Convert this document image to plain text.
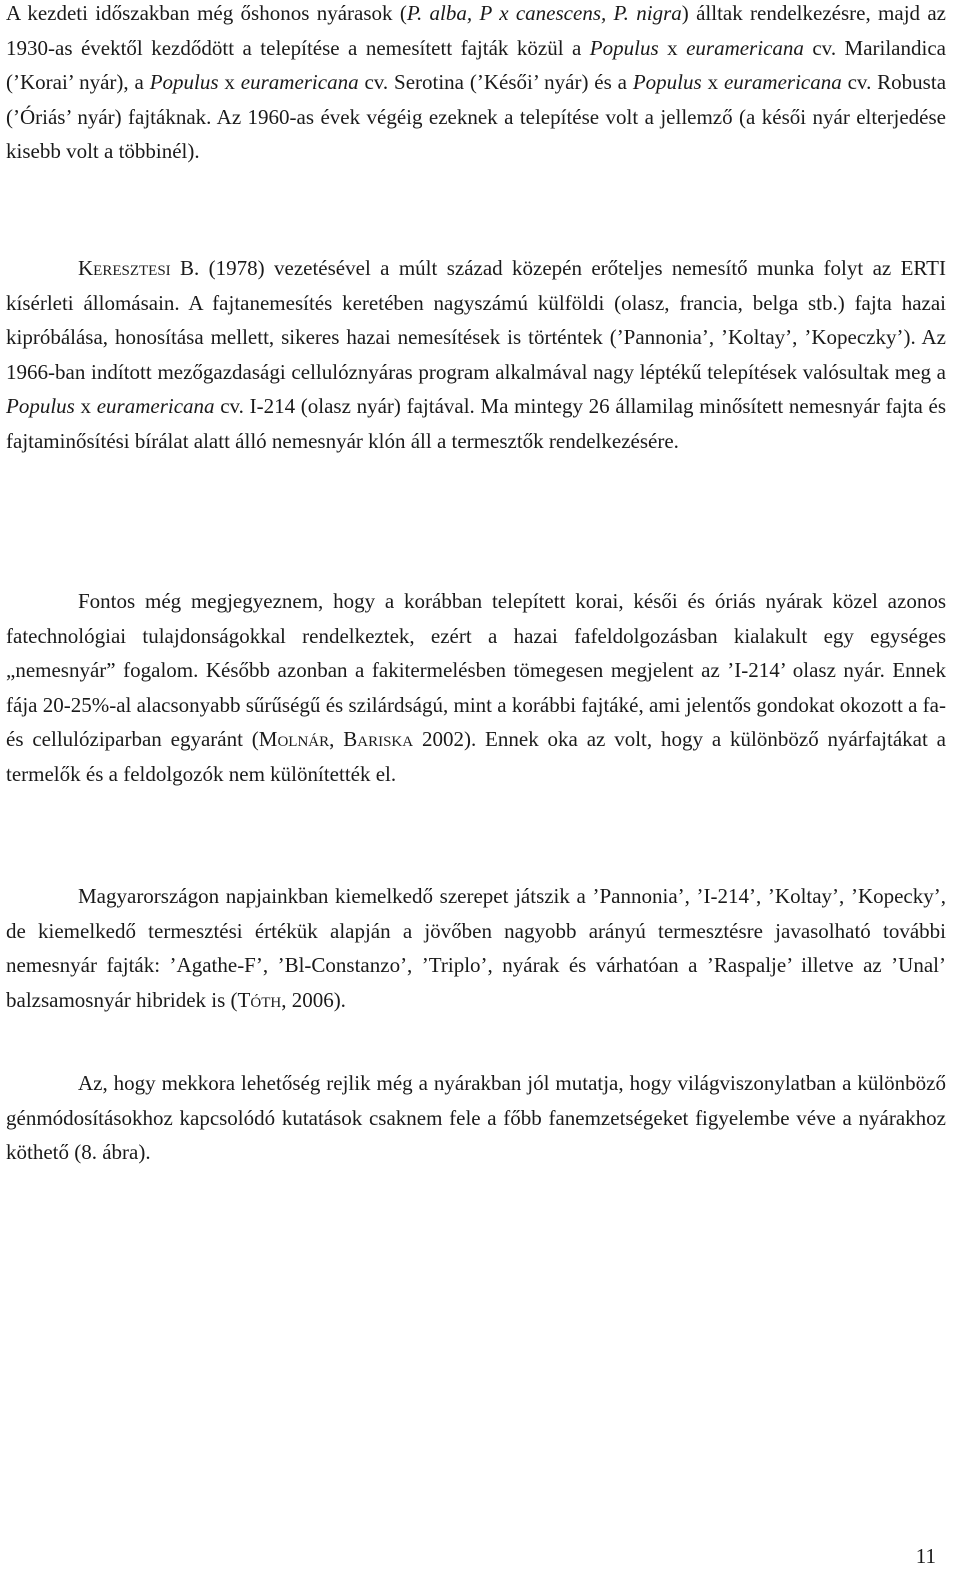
A kezdeti időszakban még őshonos nyárasok (P. alba, P x canescens, P. nigra) álltak rendelkezésre, majd az 1930-as évektől kezdődött a telepítése a nemesített fajták közül a Populus x euramericana cv. Marilandica (’Korai’ nyár), a Populus x euramericana cv. Serotina (’Késői’ nyár) és a Populus x euramericana cv. Robusta (’Óriás’ nyár) fajtáknak. Az 1960-as évek végéig ezeknek a telepítése volt a jellemző (a késői nyár elterjedése kisebb volt a többinél).

Keresztesi B. (1978) vezetésével a múlt század közepén erőteljes nemesítő munka folyt az ERTI kísérleti állomásain. A fajtanemesítés keretében nagyszámú külföldi (olasz, francia, belga stb.) fajta hazai kipróbálása, honosítása mellett, sikeres hazai nemesítések is történtek (’Pannonia’, ’Koltay’, ’Kopeczky’). Az 1966-ban indított mezőgazdasági cellulóznyáras program alkalmával nagy léptékű telepítések valósultak meg a Populus x euramericana cv. I-214 (olasz nyár) fajtával. Ma mintegy 26 államilag minősített nemesnyár fajta és fajtaminősítési bírálat alatt álló nemesnyár klón áll a termesztők rendelkezésére.

Fontos még megjegyeznem, hogy a korábban telepített korai, késői és óriás nyárak közel azonos fatechnológiai tulajdonságokkal rendelkeztek, ezért a hazai fafeldolgozásban kialakult egy egységes „nemesnyár” fogalom. Később azonban a fakitermelésben tömegesen megjelent az ’I-214’ olasz nyár. Ennek fája 20-25%-al alacsonyabb sűrűségű és szilárdságú, mint a korábbi fajtáké, ami jelentős gondokat okozott a fa- és cellulóziparban egyaránt (Molnár, Bariska 2002). Ennek oka az volt, hogy a különböző nyárfajtákat a termelők és a feldolgozók nem különítették el.

Magyarországon napjainkban kiemelkedő szerepet játszik a ’Pannonia’, ’I-214’, ’Koltay’, ’Kopecky’, de kiemelkedő termesztési értékük alapján a jövőben nagyobb arányú termesztésre javasolható további nemesnyár fajták: ’Agathe-F’, ’Bl-Constanzo’, ’Triplo’, nyárak és várhatóan a ’Raspalje’ illetve az ’Unal’ balzsamosnyár hibridek is (Tóth, 2006).

Az, hogy mekkora lehetőség rejlik még a nyárakban jól mutatja, hogy világviszonylatban a különböző génmódosításokhoz kapcsolódó kutatások csaknem fele a főbb fanemzetségeket figyelembe véve a nyárakhoz köthető (8. ábra).

11
